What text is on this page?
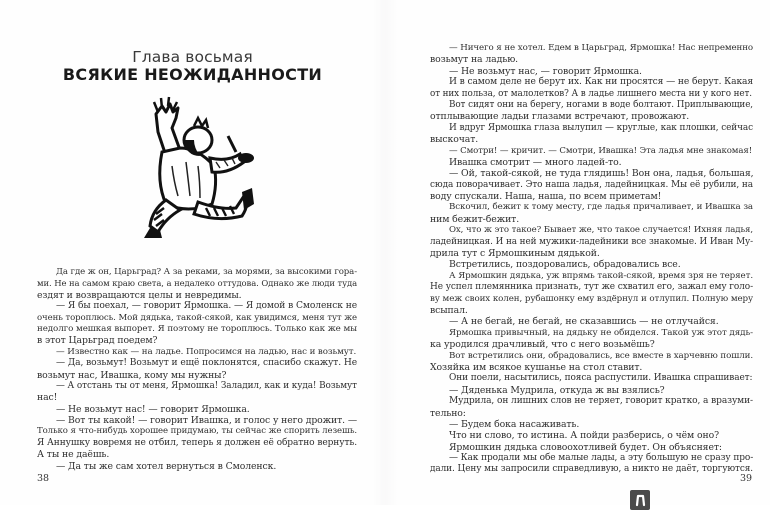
Глава восьмая
ВСЯКИЕ НЕОЖИДАННОСТИ
Да где ж он, Царьград? А за реками, за морями, за высокими гора-
ми. Не на самом краю света, а недалеко оттудова. Однако же люди туда
ездят и возвращаются целы и невредимы.
— Я бы поехал, — говорит Ярмошка. — Я домой в Смоленск не
очень тороплюсь. Мой дядька, такой-сякой, как увидимся, меня тут же
недолго мешкая выпорет. Я поэтому не тороплюсь. Только как же мы
в этот Царьград поедем?
— Известно как — на ладье. Попросимся на ладью, нас и возьмут.
— Да, возьмут! Возьмут и ещё поклонятся, спасибо скажут. Не
возьмут нас, Ивашка, кому мы нужны?
— А отстань ты от меня, Ярмошка! Заладил, как и куда! Возьмут
нас!
— Не возьмут нас! — говорит Ярмошка.
— Вот ты какой! — говорит Ивашка, и голос у него дрожит. —
Только я что-нибудь хорошее придумаю, ты сейчас же спорить лезешь.
Я Аннушку вовремя не отбил, теперь я должен её обратно вернуть.
А ты не даёшь.
— Да ты же сам хотел вернуться в Смоленск.
38	39
— Ничего я не хотел. Едем в Царьград, Ярмошка! Нас непременно
возьмут на ладью.
— Не возьмут нас, — говорит Ярмошка.
И в самом деле не берут их. Как ни просятся — не берут. Какая
от них польза, от малолетков? А в ладье лишнего места ни у кого нет.
Вот сидят они на берегу, ногами в воде болтают. Приплывающие,
отплывающие ладьи глазами встречают, провожают.
И вдруг Ярмошка глаза вылупил — круглые, как плошки, сейчас
выскочат.
— Смотри! — кричит. — Смотри, Ивашка! Эта ладья мне знакомая!
Ивашка смотрит — много ладей-то.
— Ой, такой-сякой, не туда глядишь! Вон она, ладья, большая,
сюда поворачивает. Это наша ладья, ладейницкая. Мы её рубили, на
воду спускали. Наша, наша, по всем приметам!
Вскочил, бежит к тому месту, где ладья причаливает, и Ивашка за
ним бежит-бежит.
Ох, что ж это такое? Бывает же, что такое случается! Ихняя ладья,
ладейницкая. И на ней мужики-ладейники все знакомые. И Иван Му-
дрила тут с Ярмошкиным дядькой.
Встретились, поздоровались, обрадовались все.
А Ярмошкин дядька, уж впрямь такой-сякой, время зря не теряет.
Не успел племянника признать, тут же схватил его, зажал ему голо-
ву меж своих колен, рубашонку ему вздёрнул и отлупил. Полную меру
всыпал.
— А не бегай, не бегай, не сказавшись — не отлучайся.
Ярмошка привычный, на дядьку не обиделся. Такой уж этот дядь-
ка уродился драчливый, что с него возьмёшь?
Вот встретились они, обрадовались, все вместе в харчевню пошли.
Хозяйка им всякое кушанье на стол ставит.
Они поели, насытились, пояса распустили. Ивашка спрашивает:
— Дяденька Мудрила, откуда ж вы взялись?
Мудрила, он лишних слов не теряет, говорит кратко, а вразуми-
тельно:
— Будем бока насаживать.
Что ни слово, то истина. А пойди разберись, о чём оно?
Ярмошкин дядька словоохотливей будет. Он объясняет:
— Как продали мы обе малые лады, а эту большую не сразу про-
дали. Цену мы запросили справедливую, а никто не даёт, торгуются.
